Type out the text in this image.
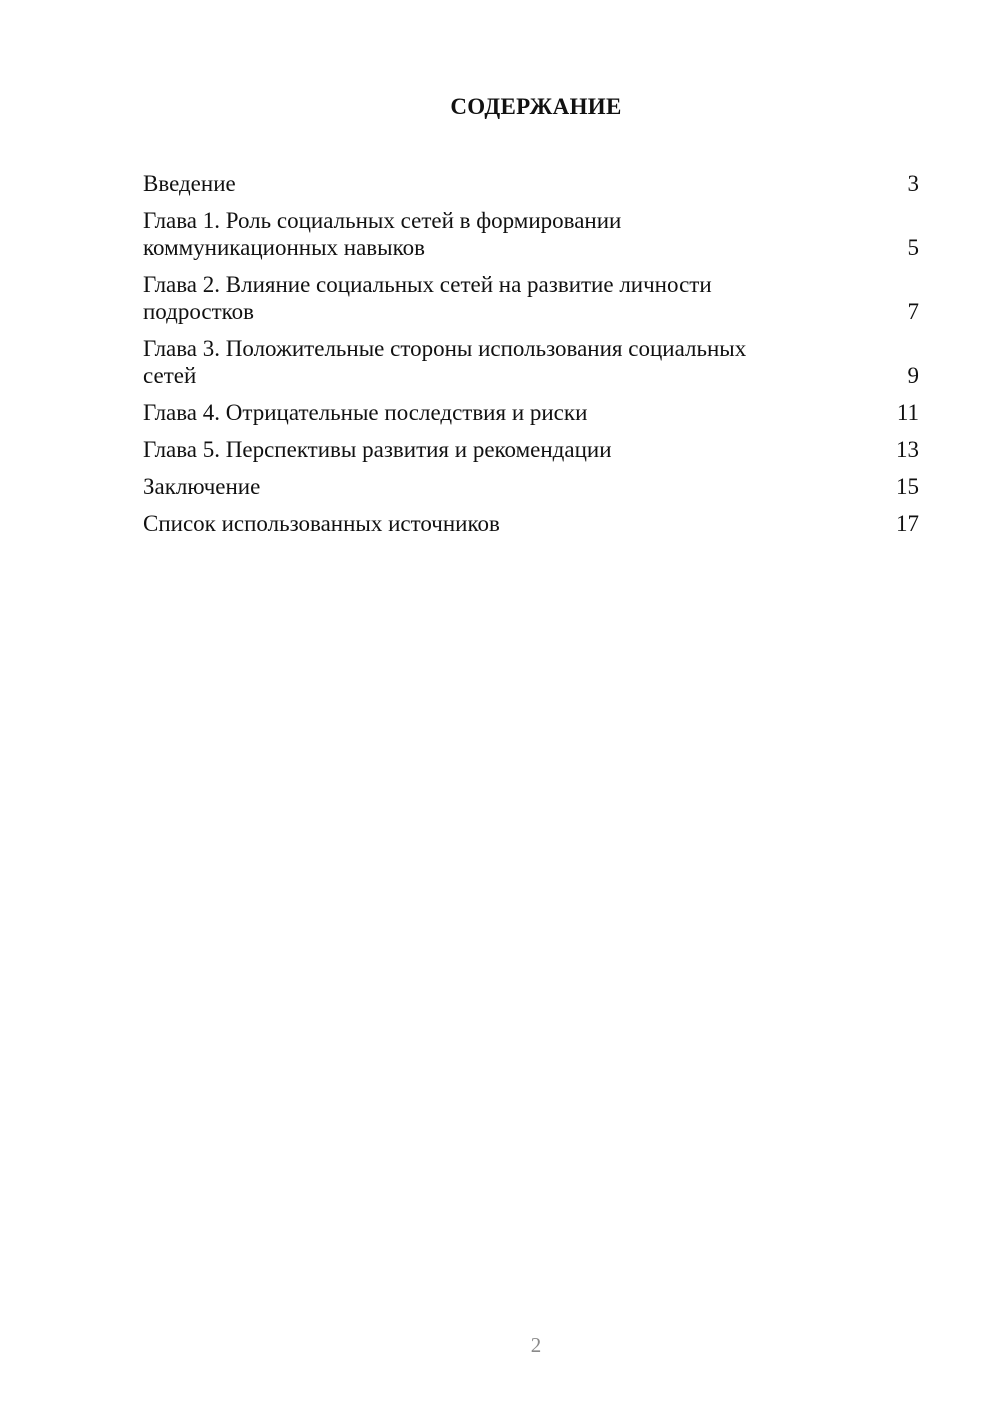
СОДЕРЖАНИЕ
Введение	3
Глава 1. Роль социальных сетей в формировании
коммуникационных навыков	5
Глава 2. Влияние социальных сетей на развитие личности
подростков	7
Глава 3. Положительные стороны использования социальных
сетей	9
Глава 4. Отрицательные последствия и риски	11
Глава 5. Перспективы развития и рекомендации	13
Заключение	15
Список использованных источников	17
2
